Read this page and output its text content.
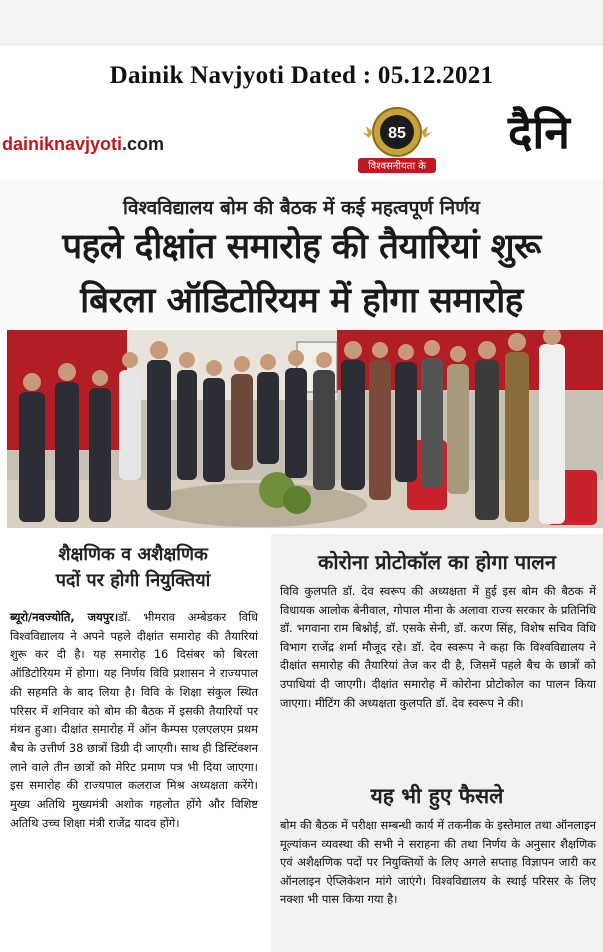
Dainik Navjyoti Dated : 05.12.2021
dainiknavjyoti.com
85
विश्वसनीयता के
दैनि
विश्वविद्यालय बोम की बैठक में कई महत्वपूर्ण निर्णय
पहले दीक्षांत समारोह की तैयारियां शुरू
बिरला ऑडिटोरियम में होगा समारोह
शैक्षणिक व अशैक्षणिक
पदों पर होगी नियुक्तियां
ब्यूरो/नवज्योति, जयपुर।डॉ. भीमराव अम्बेडकर विधि विश्वविद्यालय ने अपने पहले दीक्षांत समारोह की तैयारियां शुरू कर दी है। यह समारोह 16 दिसंबर को बिरला ऑडिटोरियम में होगा। यह निर्णय विवि प्रशासन ने राज्यपाल की सहमति के बाद लिया है। विवि के शिक्षा संकुल स्थित परिसर में शनिवार को बोम की बैठक में इसकी तैयारियों पर मंथन हुआ। दीक्षांत समारोह में ऑन कैम्पस एलएलएम प्रथम बैच के उत्तीर्ण 38 छात्रों डिग्री दी जाएगी। साथ ही डिस्टिंक्शन लाने वाले तीन छात्रों को मेरिट प्रमाण पत्र भी दिया जाएगा। इस समारोह की राज्यपाल कलराज मिश्र अध्यक्षता करेंगे। मुख्य अतिथि मुख्यमंत्री अशोक गहलोत होंगे और विशिष्ट अतिथि उच्च शिक्षा मंत्री राजेंद्र यादव होंगे।
कोरोना प्रोटोकॉल का होगा पालन
विवि कुलपति डॉ. देव स्वरूप की अध्यक्षता में हुई इस बोम की बैठक में विधायक आलोक बेनीवाल, गोपाल मीना के अलावा राज्य सरकार के प्रतिनिधि डॉ. भगवाना राम बिश्नोई, डॉ. एसके सेनी, डॉ. करण सिंह, विशेष सचिव विधि विभाग राजेंद्र शर्मा मौजूद रहे। डॉ. देव स्वरूप ने कहा कि विश्वविद्यालय ने दीक्षांत समारोह की तैयारियां तेज कर दी है, जिसमें पहले बैच के छात्रों को उपाधियां दी जाएगी। दीक्षांत समारोह में कोरोना प्रोटोकोल का पालन किया जाएगा। मीटिंग की अध्यक्षता कुलपति डॉ. देव स्वरूप ने की।
यह भी हुए फैसले
बोम की बैठक में परीक्षा सम्बन्धी कार्य में तकनीक के इस्तेमाल तथा ऑनलाइन मूल्यांकन व्यवस्था की सभी ने सराहना की तथा निर्णय के अनुसार शैक्षणिक एवं अशैक्षणिक पदों पर नियुक्तियों के लिए अगले सप्ताह विज्ञापन जारी कर ऑनलाइन ऐप्लिकेशन मांगे जाएंगे। विश्वविद्यालय के स्थाई परिसर के लिए नक्शा भी पास किया गया है।
